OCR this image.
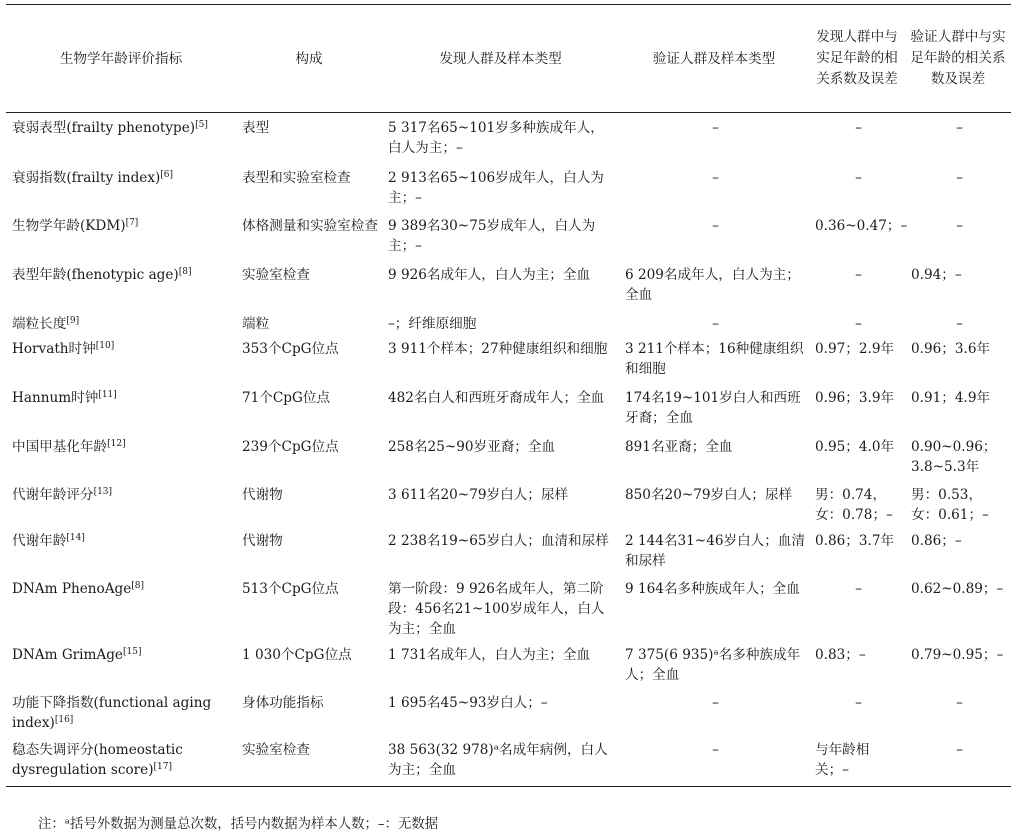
生物学年龄评价指标	构成	发现人群及样本类型	验证人群及样本类型	发现人群中与实足年龄的相关系数及误差	验证人群中与实足年龄的相关系数及误差
衰弱表型(frailty phenotype)[5]	表型	5 317名65~101岁多种族成年人，白人为主；–	–	–	–
衰弱指数(frailty index)[6]	表型和实验室检查	2 913名65~106岁成年人，白人为主；–	–	–	–
生物学年龄(KDM)[7]	体格测量和实验室检查	9 389名30~75岁成年人，白人为主；–	–	0.36~0.47；–	–
表型年龄(fhenotypic age)[8]	实验室检查	9 926名成年人，白人为主；全血	6 209名成年人，白人为主；全血	–	0.94；–
端粒长度[9]	端粒	–；纤维原细胞	–	–	–
Horvath时钟[10]	353个CpG位点	3 911个样本；27种健康组织和细胞	3 211个样本；16种健康组织和细胞	0.97；2.9年	0.96；3.6年
Hannum时钟[11]	71个CpG位点	482名白人和西班牙裔成年人；全血	174名19~101岁白人和西班牙裔；全血	0.96；3.9年	0.91；4.9年
中国甲基化年龄[12]	239个CpG位点	258名25~90岁亚裔；全血	891名亚裔；全血	0.95；4.0年	0.90~0.96；3.8~5.3年
代谢年龄评分[13]	代谢物	3 611名20~79岁白人；尿样	850名20~79岁白人；尿样	男：0.74，女：0.78；–	男：0.53，女：0.61；–
代谢年龄[14]	代谢物	2 238名19~65岁白人；血清和尿样	2 144名31~46岁白人；血清和尿样	0.86；3.7年	0.86；–
DNAm PhenoAge[8]	513个CpG位点	第一阶段：9 926名成年人，第二阶段：456名21~100岁成年人，白人为主；全血	9 164名多种族成年人；全血	–	0.62~0.89；–
DNAm GrimAge[15]	1 030个CpG位点	1 731名成年人，白人为主；全血	7 375(6 935)ᵃ名多种族成年人；全血	0.83；–	0.79~0.95；–
功能下降指数(functional aging index)[16]	身体功能指标	1 695名45~93岁白人；–	–	–	–
稳态失调评分(homeostatic dysregulation score)[17]	实验室检查	38 563(32 978)ᵃ名成年病例，白人为主；全血	–	与年龄相关；–	–
注：ᵃ括号外数据为测量总次数，括号内数据为样本人数；–：无数据
